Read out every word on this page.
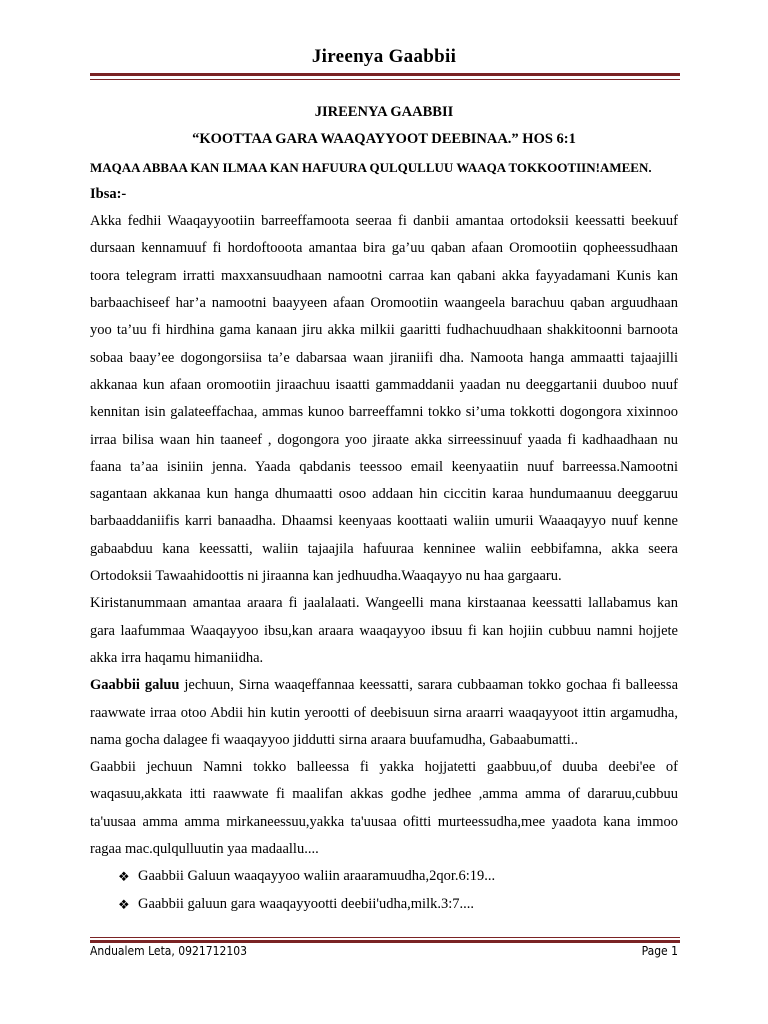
Jireenya Gaabbii

JIREENYA GAABBII

“KOOTTAA GARA WAAQAYYOOT DEEBINAA.” HOS 6:1

MAQAA ABBAA KAN ILMAA KAN HAFUURA QULQULLUU WAAQA TOKKOOTIIN!AMEEN.

Ibsa:-

Akka fedhii Waaqayyootiin barreeffamoota seeraa fi danbii amantaa ortodoksii keessatti beekuuf dursaan kennamuuf fi hordoftooota amantaa bira ga’uu qaban afaan Oromootiin qopheessudhaan toora telegram irratti maxxansuudhaan namootni carraa kan qabani akka fayyadamani Kunis kan barbaachiseef har’a namootni baayyeen afaan Oromootiin waangeela barachuu qaban arguudhaan yoo ta’uu fi hirdhina gama kanaan jiru akka milkii gaaritti fudhachuudhaan shakkitoonni barnoota sobaa baay’ee dogongorsiisa ta’e dabarsaa waan jiraniifi dha. Namoota hanga ammaatti tajaajilli akkanaa kun afaan oromootiin jiraachuu isaatti gammaddanii yaadan nu deeggartanii duuboo nuuf kennitan isin galateeffachaa, ammas kunoo barreeffamni tokko si’uma tokkotti dogongora xixinnoo irraa bilisa waan hin taaneef , dogongora yoo jiraate akka sirreessinuuf yaada fi kadhaadhaan nu faana ta’aa isiniin jenna. Yaada qabdanis teessoo email keenyaatiin nuuf barreessa.Namootni sagantaan akkanaa kun hanga dhumaatti osoo addaan hin ciccitin karaa hundumaanuu deeggaruu barbaaddaniifis karri banaadha. Dhaamsi keenyaas koottaati waliin umurii Waaaqayyo nuuf kenne gabaabduu kana keessatti, waliin tajaajila hafuuraa kenninee waliin eebbifamna, akka seera Ortodoksii Tawaahidoottis ni jiraanna kan jedhuudha.Waaqayyo nu haa gargaaru.

Kiristanummaan amantaa araara fi jaalalaati. Wangeelli mana kirstaanaa keessatti lallabamus kan gara laafummaa Waaqayyoo ibsu,kan araara waaqayyoo ibsuu fi kan hojiin cubbuu namni hojjete akka irra haqamu himaniidha.

Gaabbii galuu jechuun, Sirna waaqeffannaa keessatti, sarara cubbaaman tokko gochaa fi balleessa raawwate irraa otoo Abdii hin kutin yerootti of deebisuun sirna araarri waaqayyoot ittin argamudha, nama gocha dalagee fi waaqayyoo jiddutti sirna araara buufamudha, Gabaabumatti..

Gaabbii jechuun Namni tokko balleessa fi yakka hojjatetti gaabbuu,of duuba deebi'ee of waqasuu,akkata itti raawwate fi maalifan akkas godhe jedhee ,amma amma of dararuu,cubbuu ta'uusaa amma amma mirkaneessuu,yakka ta'uusaa ofitti murteessudha,mee yaadota kana immoo ragaa mac.qulqulluutin yaa madaallu....

❖ Gaabbii Galuun waaqayyoo waliin araaramuudha,2qor.6:19...
❖ Gaabbii galuun gara waaqayyootti deebii'udha,milk.3:7....
Andualem Leta, 0921712103	Page 1
